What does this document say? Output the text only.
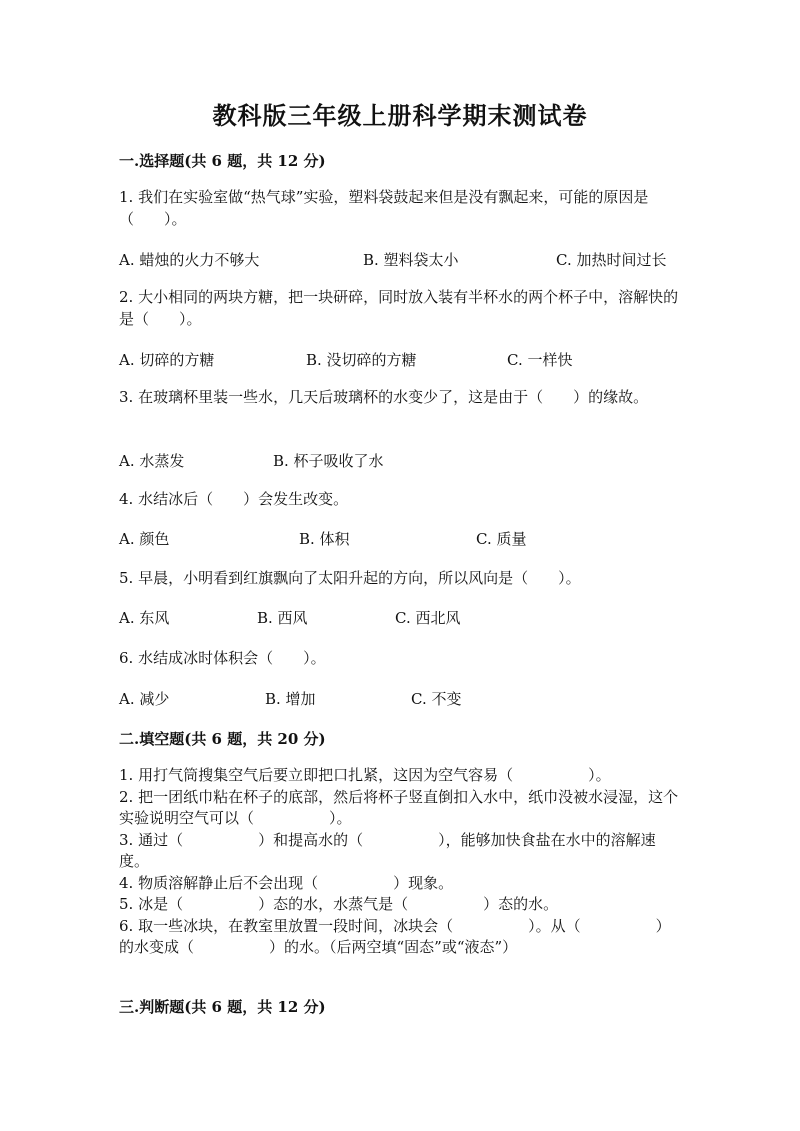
教科版三年级上册科学期末测试卷
一.选择题(共 6 题，共 12 分)
1. 我们在实验室做“热气球”实验，塑料袋鼓起来但是没有飘起来，可能的原因是（　　）。
A. 蜡烛的火力不够大	B. 塑料袋太小	C. 加热时间过长
2. 大小相同的两块方糖，把一块研碎，同时放入装有半杯水的两个杯子中，溶解快的是（　　）。
A. 切碎的方糖	B. 没切碎的方糖	C. 一样快
3. 在玻璃杯里装一些水，几天后玻璃杯的水变少了，这是由于（　　）的缘故。
A. 水蒸发	B. 杯子吸收了水
4. 水结冰后（　　）会发生改变。
A. 颜色	B. 体积	C. 质量
5. 早晨，小明看到红旗飘向了太阳升起的方向，所以风向是（　　）。
A. 东风	B. 西风	C. 西北风
6. 水结成冰时体积会（　　）。
A. 减少	B. 增加	C. 不变
二.填空题(共 6 题，共 20 分)
1. 用打气筒搜集空气后要立即把口扎紧，这因为空气容易（　　　　　）。
2. 把一团纸巾粘在杯子的底部，然后将杯子竖直倒扣入水中，纸巾没被水浸湿，这个实验说明空气可以（　　　　　）。
3. 通过（　　　　　）和提高水的（　　　　　），能够加快食盐在水中的溶解速度。
4. 物质溶解静止后不会出现（　　　　　）现象。
5. 冰是（　　　　　）态的水，水蒸气是（　　　　　）态的水。
6. 取一些冰块，在教室里放置一段时间，冰块会（　　　　　）。从（　　　　　）的水变成（　　　　　）的水。（后两空填“固态”或“液态”）
三.判断题(共 6 题，共 12 分)
